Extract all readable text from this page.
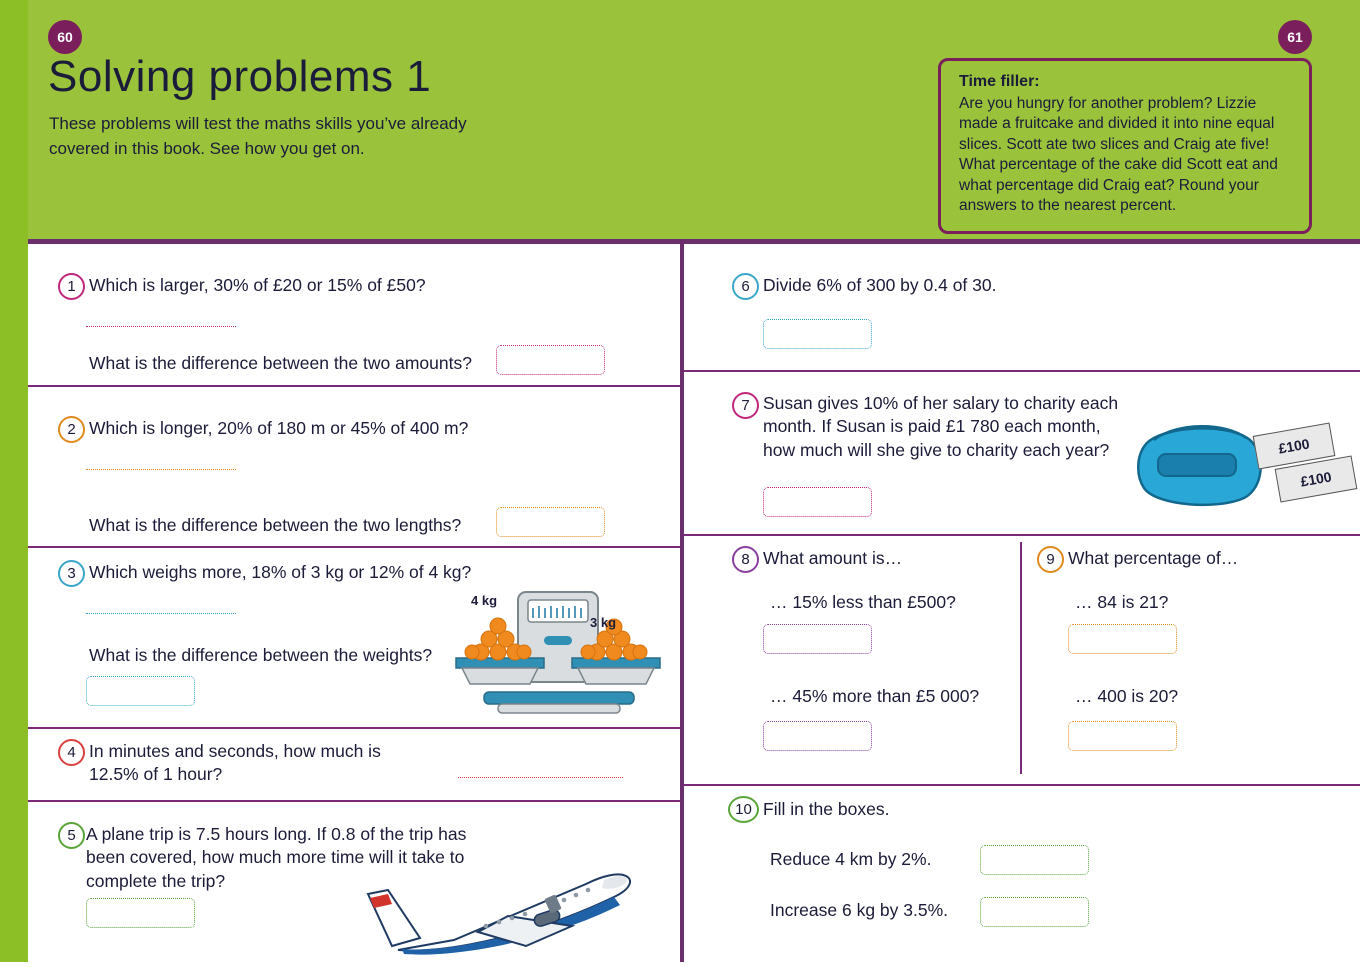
60	61
Solving problems 1
These problems will test the maths skills you’ve already covered in this book. See how you get on.
Time filler:
Are you hungry for another problem? Lizzie made a fruitcake and divided it into nine equal slices. Scott ate two slices and Craig ate five! What percentage of the cake did Scott eat and what percentage did Craig eat? Round your answers to the nearest percent.
1 Which is larger, 30% of £20 or 15% of £50?
What is the difference between the two amounts?
2 Which is longer, 20% of 180 m or 45% of 400 m?
What is the difference between the two lengths?
3 Which weighs more, 18% of 3 kg or 12% of 4 kg?
What is the difference between the weights?
4 kg
3 kg
4 In minutes and seconds, how much is 12.5% of 1 hour?
5 A plane trip is 7.5 hours long. If 0.8 of the trip has been covered, how much more time will it take to complete the trip?
6 Divide 6% of 300 by 0.4 of 30.
7 Susan gives 10% of her salary to charity each month. If Susan is paid £1 780 each month, how much will she give to charity each year?	£100
£100
8 What amount is…
… 15% less than £500?
… 45% more than £5 000?
9 What percentage of…
… 84 is 21?
… 400 is 20?
10 Fill in the boxes.
Reduce 4 km by 2%.
Increase 6 kg by 3.5%.
